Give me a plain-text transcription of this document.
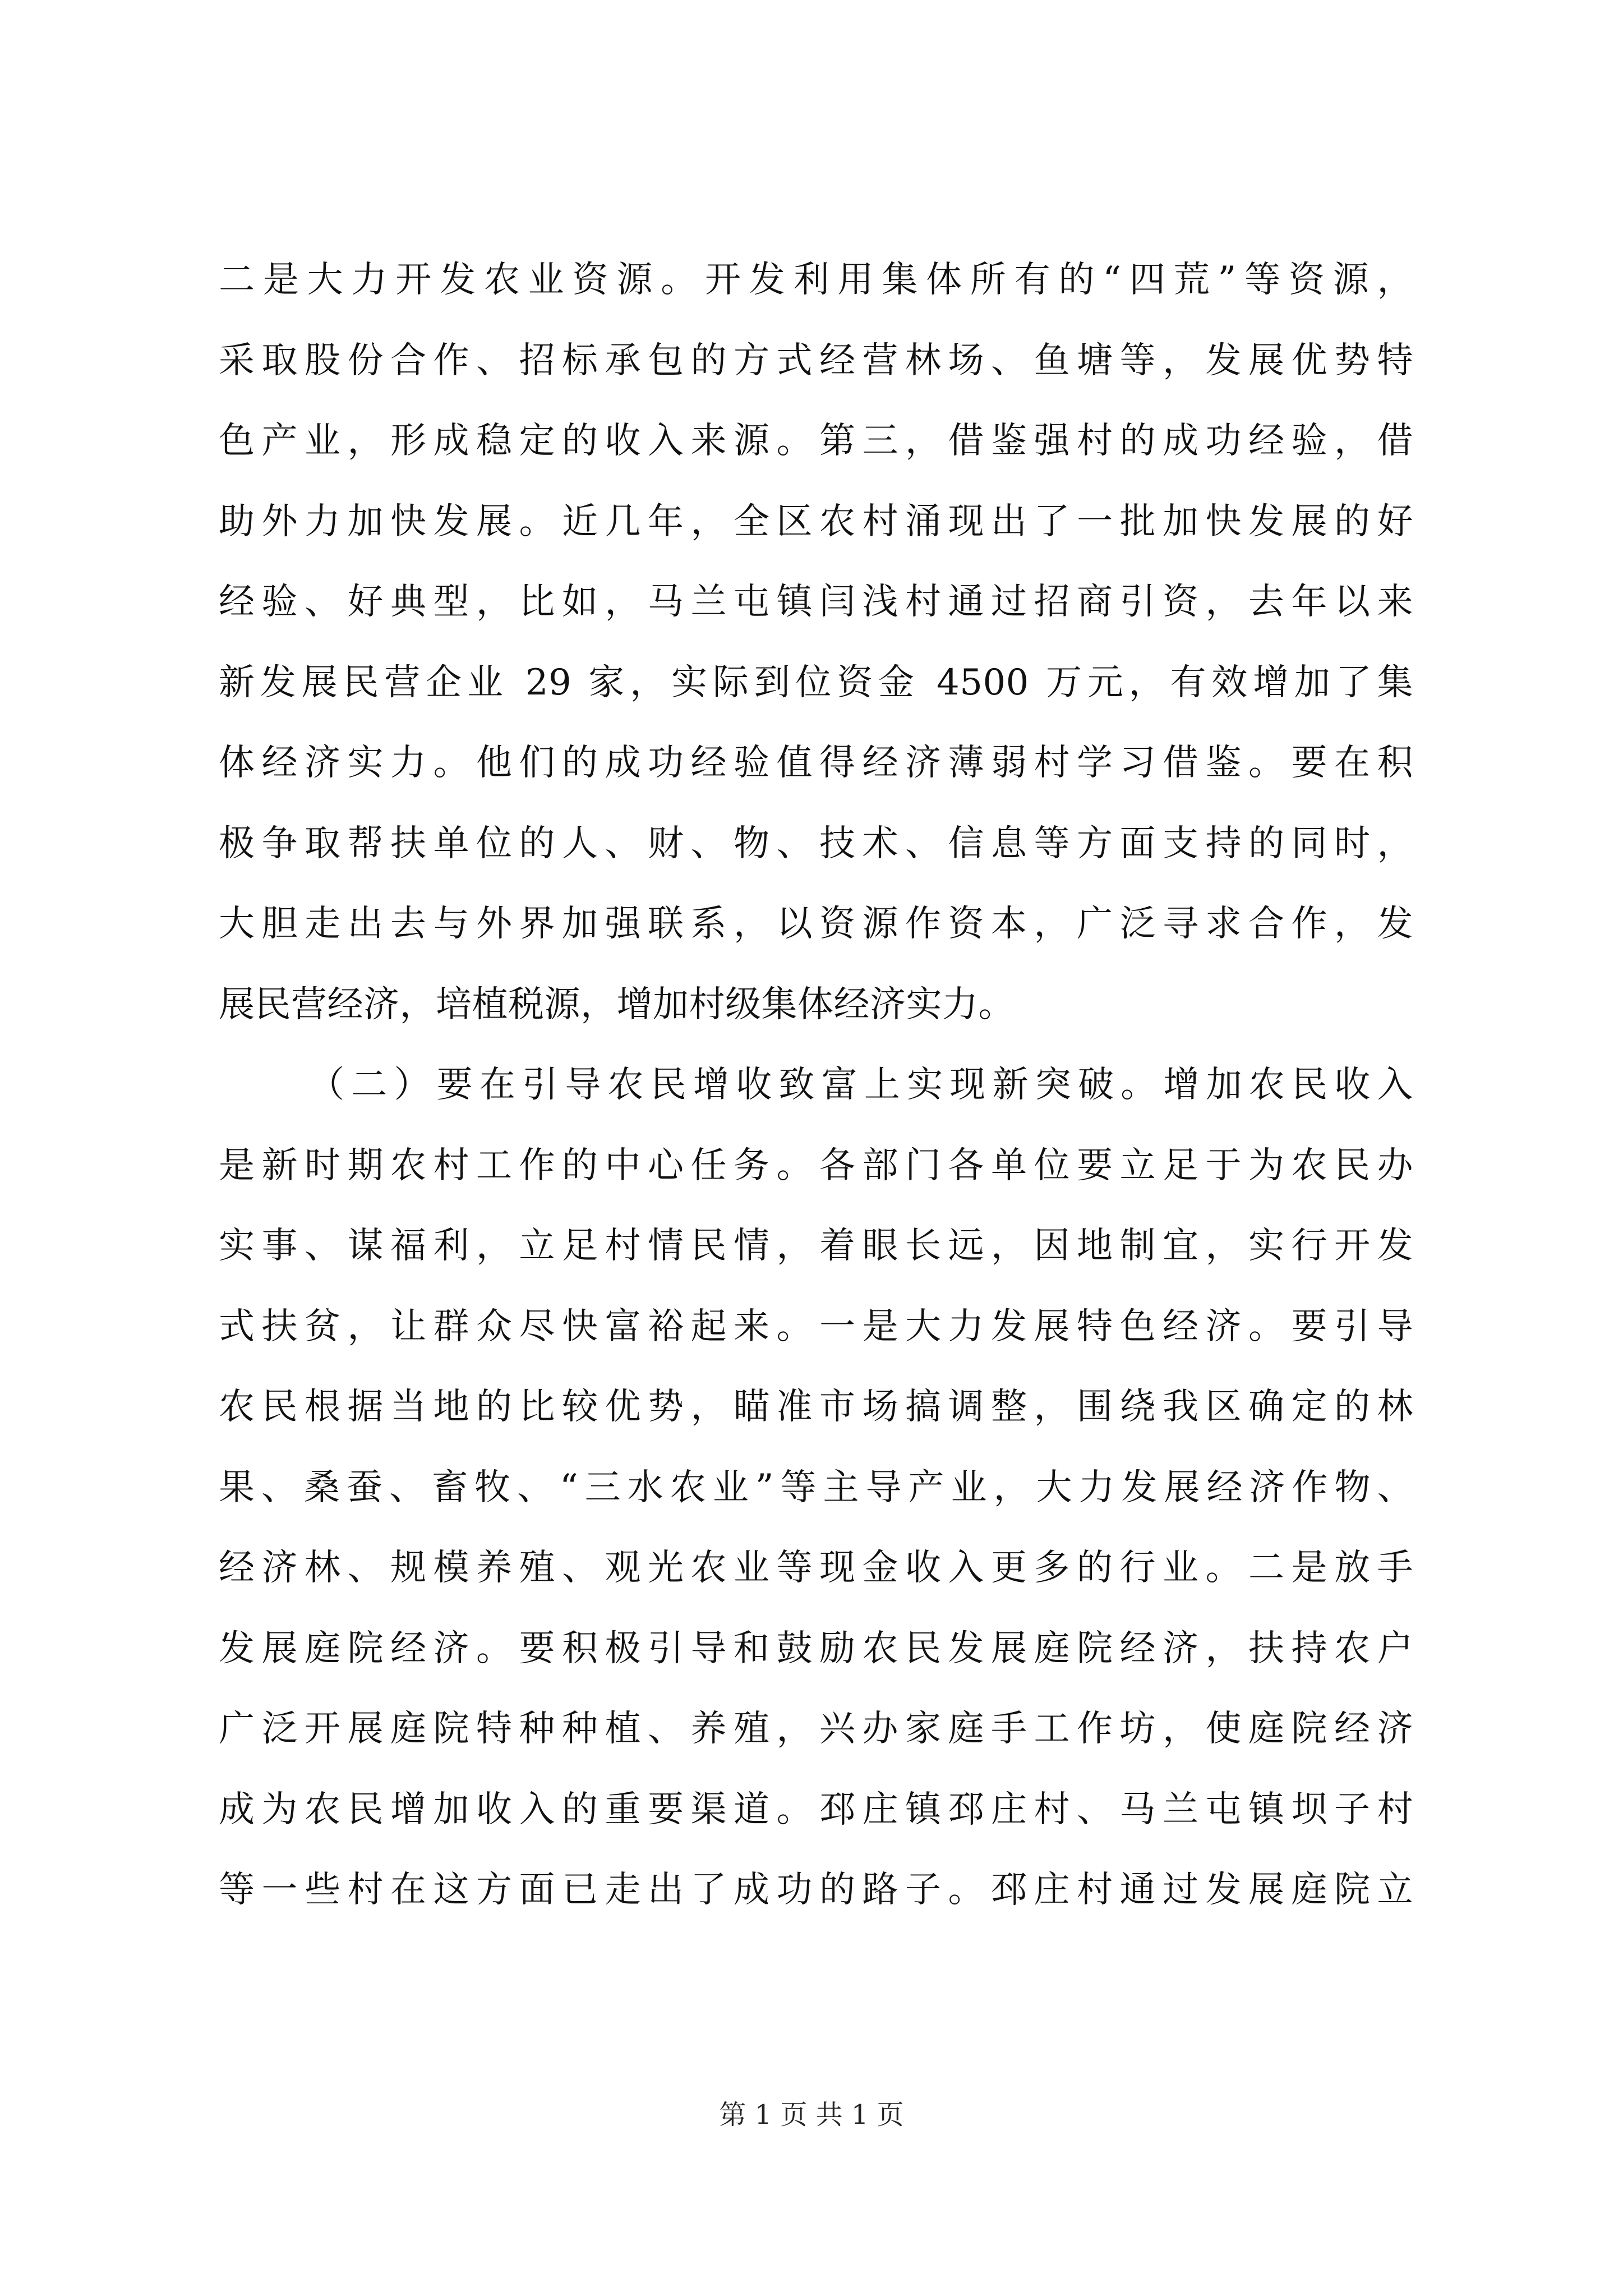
二是大力开发农业资源。开发利用集体所有的“四荒”等资源，
采取股份合作、招标承包的方式经营林场、鱼塘等，发展优势特
色产业，形成稳定的收入来源。第三，借鉴强村的成功经验，借
助外力加快发展。近几年，全区农村涌现出了一批加快发展的好
经验、好典型，比如，马兰屯镇闫浅村通过招商引资，去年以来
新发展民营企业 29 家，实际到位资金 4500 万元，有效增加了集
体经济实力。他们的成功经验值得经济薄弱村学习借鉴。要在积
极争取帮扶单位的人、财、物、技术、信息等方面支持的同时，
大胆走出去与外界加强联系，以资源作资本，广泛寻求合作，发
展民营经济，培植税源，增加村级集体经济实力。
（二）要在引导农民增收致富上实现新突破。增加农民收入
是新时期农村工作的中心任务。各部门各单位要立足于为农民办
实事、谋福利，立足村情民情，着眼长远，因地制宜，实行开发
式扶贫，让群众尽快富裕起来。一是大力发展特色经济。要引导
农民根据当地的比较优势，瞄准市场搞调整，围绕我区确定的林
果、桑蚕、畜牧、“三水农业”等主导产业，大力发展经济作物、
经济林、规模养殖、观光农业等现金收入更多的行业。二是放手
发展庭院经济。要积极引导和鼓励农民发展庭院经济，扶持农户
广泛开展庭院特种种植、养殖，兴办家庭手工作坊，使庭院经济
成为农民增加收入的重要渠道。邳庄镇邳庄村、马兰屯镇坝子村
等一些村在这方面已走出了成功的路子。邳庄村通过发展庭院立
第 1 页 共 1 页
